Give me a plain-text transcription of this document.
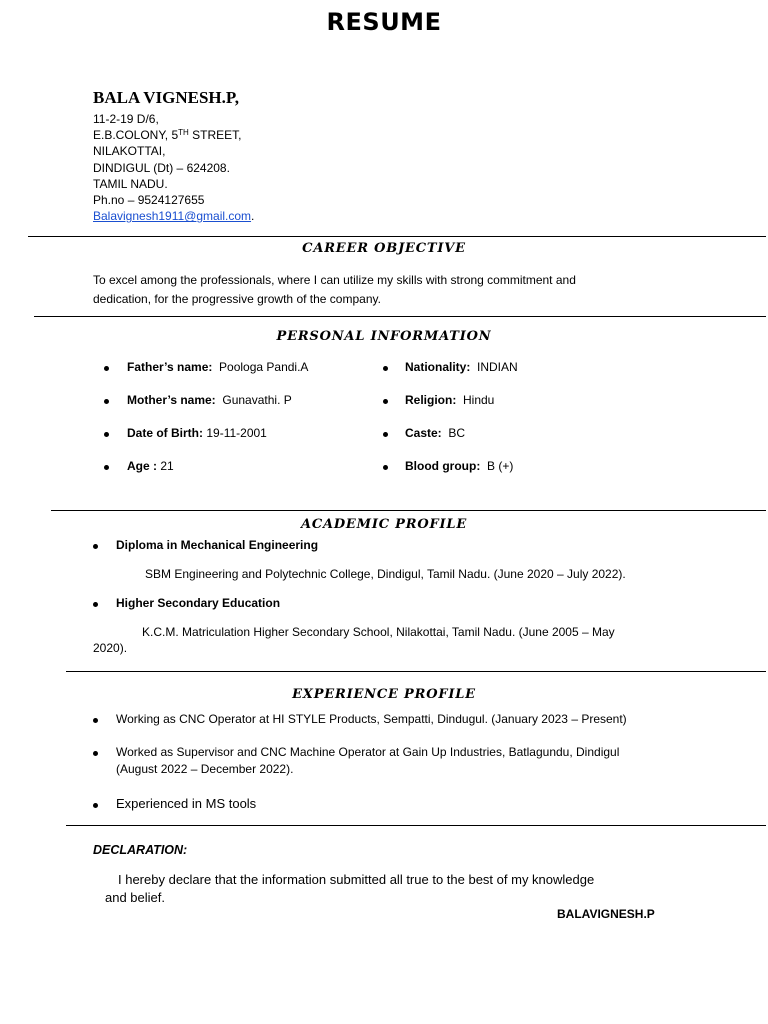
RESUME
BALA VIGNESH.P,
11-2-19 D/6,
E.B.COLONY, 5TH STREET,
NILAKOTTAI,
DINDIGUL (Dt) – 624208.
TAMIL NADU.
Ph.no – 9524127655
Balavignesh1911@gmail.com.
CAREER OBJECTIVE
To excel among the professionals, where I can utilize my skills with strong commitment and
dedication, for the progressive growth of the company.
PERSONAL INFORMATION
Father’s name: Poologa Pandi.A
Mother’s name: Gunavathi. P
Date of Birth: 19-11-2001
Age : 21
Nationality: INDIAN
Religion: Hindu
Caste: BC
Blood group: B (+)
ACADEMIC PROFILE
Diploma in Mechanical Engineering
SBM Engineering and Polytechnic College, Dindigul, Tamil Nadu. (June 2020 – July 2022).
Higher Secondary Education
K.C.M. Matriculation Higher Secondary School, Nilakottai, Tamil Nadu. (June 2005 – May
2020).
EXPERIENCE PROFILE
Working as CNC Operator at HI STYLE Products, Sempatti, Dindugul. (January 2023 – Present)
Worked as Supervisor and CNC Machine Operator at Gain Up Industries, Batlagundu, Dindigul
(August 2022 – December 2022).
Experienced in MS tools
DECLARATION:
I hereby declare that the information submitted all true to the best of my knowledge
and belief.
BALAVIGNESH.P
